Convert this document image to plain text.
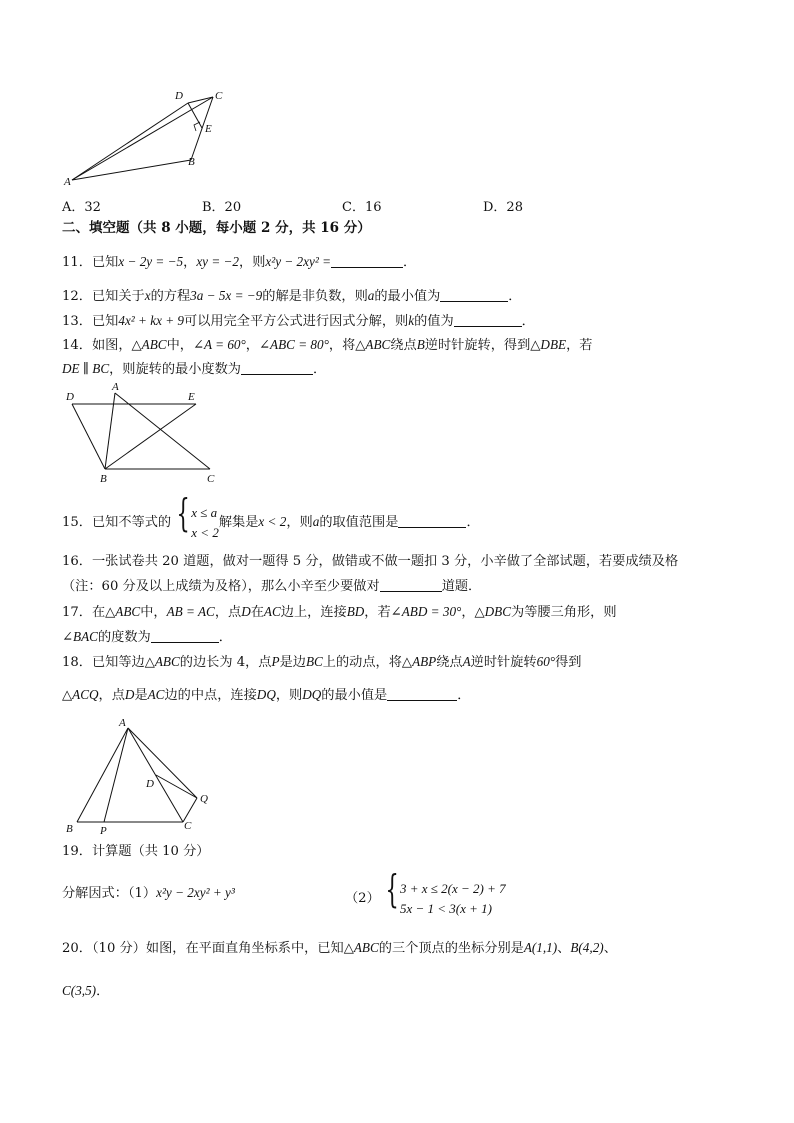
D	C
E
B
A
A．32	B．20	C．16	D．28
二、填空题（共 8 小题，每小题 2 分，共 16 分）
11．已知x − 2y = −5，xy = −2，则x²y − 2xy² =	．
12．已知关于x的方程3a − 5x = −9的解是非负数，则a的最小值为	．
13．已知4x² + kx + 9可以用完全平方公式进行因式分解，则k的值为	．
14．如图，△ABC中，∠A = 60°，∠ABC = 80°，将△ABC绕点B逆时针旋转，得到△DBE，若
DE ∥ BC，则旋转的最小度数为	．
D
A
E
B	C
15．已知不等式的 {x ≤ a
x < 2解集是x < 2，则a的取值范围是	．
16．一张试卷共 20 道题，做对一题得 5 分，做错或不做一题扣 3 分，小辛做了全部试题，若要成绩及格
（注：60 分及以上成绩为及格），那么小辛至少要做对	道题．
17．在△ABC中，AB = AC，点D在AC边上，连接BD，若∠ABD = 30°，△DBC为等腰三角形，则
∠BAC的度数为	．
18．已知等边△ABC的边长为 4，点P是边BC上的动点，将△ABP绕点A逆时针旋转60°得到
△ACQ，点D是AC边的中点，连接DQ，则DQ的最小值是	．
A
D
Q
B P	C
19．计算题（共 10 分）
分解因式：（1）x²y − 2xy² + y³	（2） {3 + x ≤ 2(x − 2) + 7
5x − 1 < 3(x + 1)
20．（10 分）如图，在平面直角坐标系中，已知△ABC的三个顶点的坐标分别是A(1,1)、B(4,2)、
C(3,5)．
